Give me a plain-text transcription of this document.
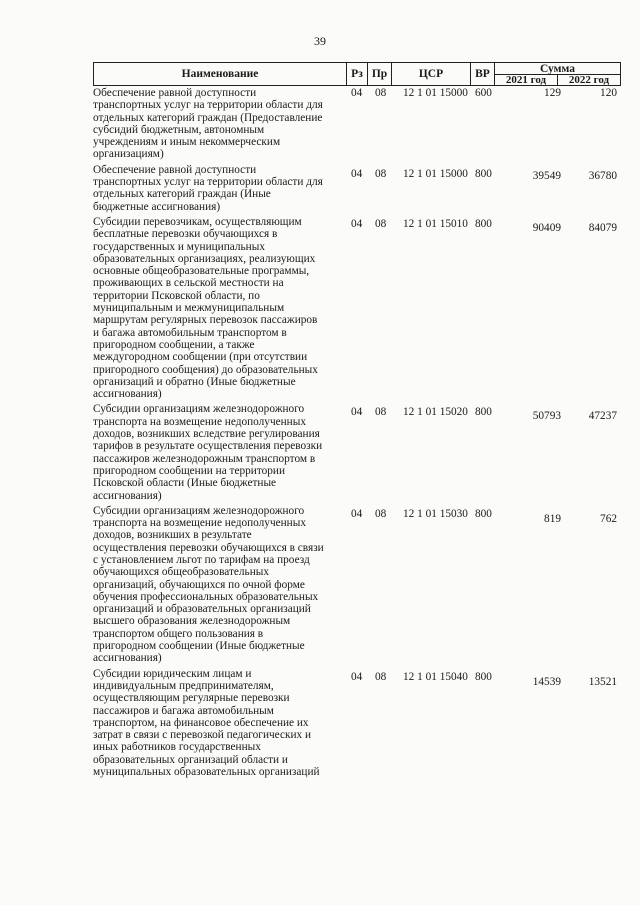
39
Наименование	Рз Пр	ЦСР	ВР	Сумма
2021 год	2022 год
Обеспечение равной доступности
транспортных услуг на территории области для
отдельных категорий граждан (Предоставление
субсидий бюджетным, автономным
учреждениям и иным некоммерческим
организациям)
04 08 12 1 01 15000 600	129	120
Обеспечение равной доступности
транспортных услуг на территории области для
отдельных категорий граждан (Иные
бюджетные ассигнования)
04 08 12 1 01 15000 800	39549 36780
Субсидии перевозчикам, осуществляющим
бесплатные перевозки обучающихся в
государственных и муниципальных
образовательных организациях, реализующих
основные общеобразовательные программы,
проживающих в сельской местности на
территории Псковской области, по
муниципальным и межмуниципальным
маршрутам регулярных перевозок пассажиров
и багажа автомобильным транспортом в
пригородном сообщении, а также
междугородном сообщении (при отсутствии
пригородного сообщения) до образовательных
организаций и обратно (Иные бюджетные
ассигнования)
04 08 12 1 01 15010 800	90409 84079
Субсидии организациям железнодорожного
транспорта на возмещение недополученных
доходов, возникших вследствие регулирования
тарифов в результате осуществления перевозки
пассажиров железнодорожным транспортом в
пригородном сообщении на территории
Псковской области (Иные бюджетные
ассигнования)
04 08 12 1 01 15020 800	50793 47237
Субсидии организациям железнодорожного
транспорта на возмещение недополученных
доходов, возникших в результате
осуществления перевозки обучающихся в связи
с установлением льгот по тарифам на проезд
обучающихся общеобразовательных
организаций, обучающихся по очной форме
обучения профессиональных образовательных
организаций и образовательных организаций
высшего образования железнодорожным
транспортом общего пользования в
пригородном сообщении (Иные бюджетные
ассигнования)
04 08 12 1 01 15030 800	819	762
Субсидии юридическим лицам и
индивидуальным предпринимателям,
осуществляющим регулярные перевозки
пассажиров и багажа автомобильным
транспортом, на финансовое обеспечение их
затрат в связи с перевозкой педагогических и
иных работников государственных
образовательных организаций области и
муниципальных образовательных организаций
04 08 12 1 01 15040 800	14539 13521
